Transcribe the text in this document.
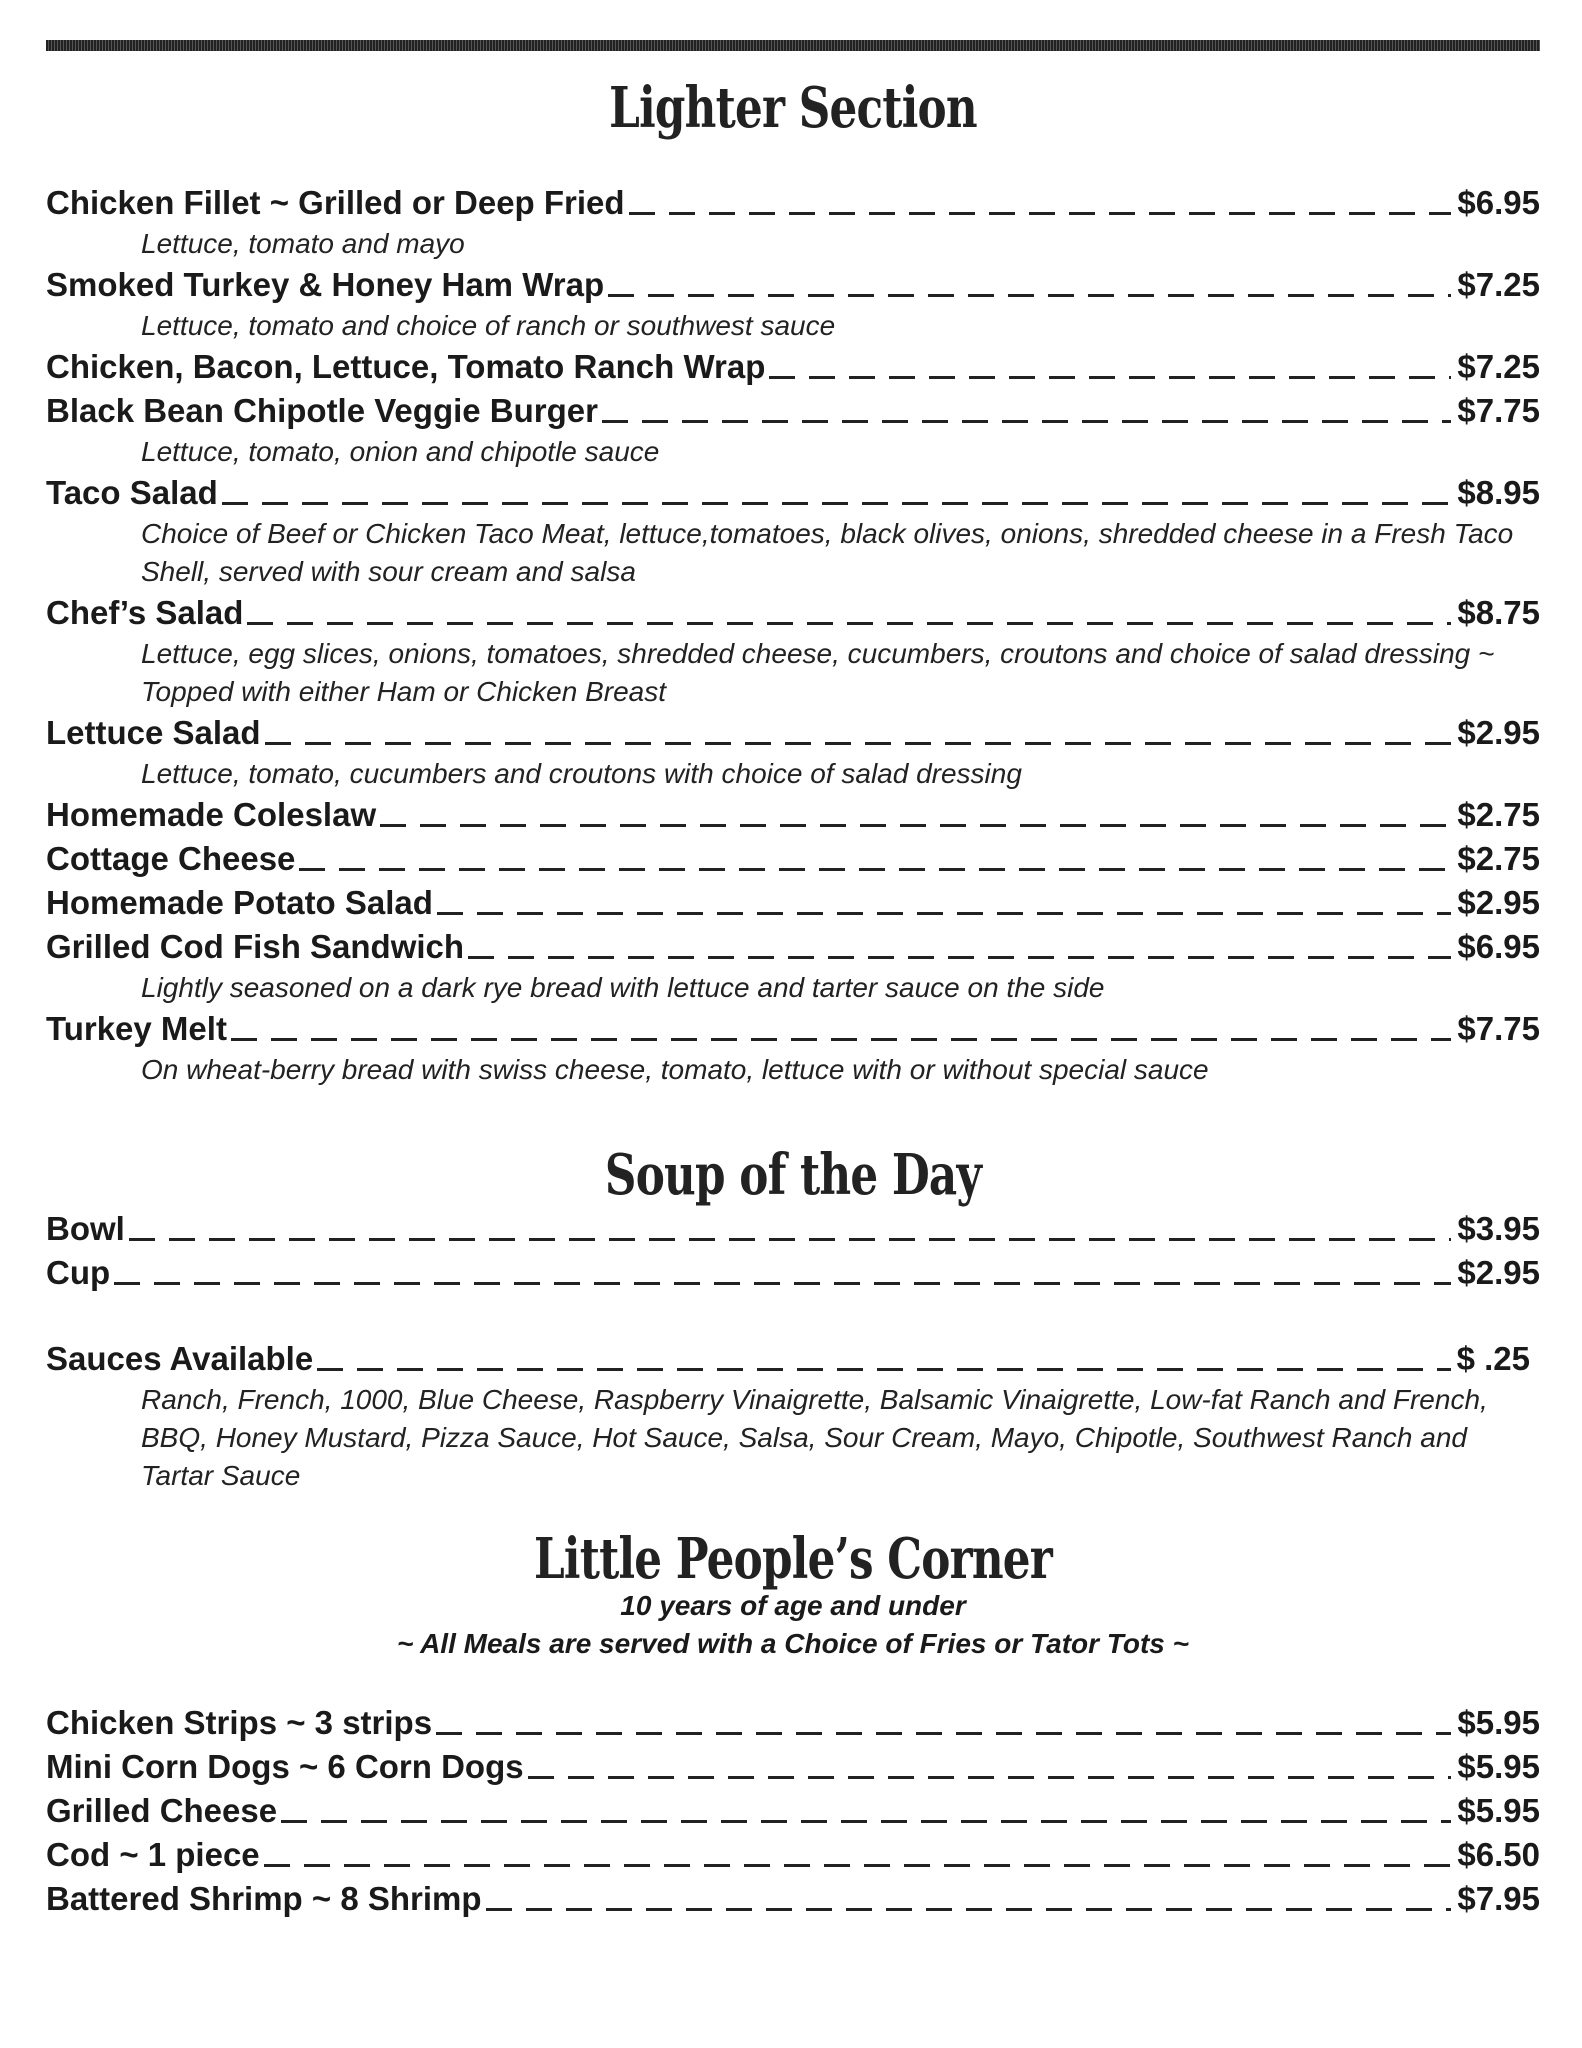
Lighter Section
Chicken Fillet ~ Grilled or Deep Fried	$6.95
Lettuce, tomato and mayo
Smoked Turkey & Honey Ham Wrap	$7.25
Lettuce, tomato and choice of ranch or southwest sauce
Chicken, Bacon, Lettuce, Tomato Ranch Wrap	$7.25
Black Bean Chipotle Veggie Burger	$7.75
Lettuce, tomato, onion and chipotle sauce
Taco Salad	$8.95
Choice of Beef or Chicken Taco Meat, lettuce,tomatoes, black olives, onions, shredded cheese in a Fresh Taco Shell, served with sour cream and salsa
Chef’s Salad	$8.75
Lettuce, egg slices, onions, tomatoes, shredded cheese, cucumbers, croutons and choice of salad dressing ~ Topped with either Ham or Chicken Breast
Lettuce Salad	$2.95
Lettuce, tomato, cucumbers and croutons with choice of salad dressing
Homemade Coleslaw	$2.75
Cottage Cheese	$2.75
Homemade Potato Salad	$2.95
Grilled Cod Fish Sandwich	$6.95
Lightly seasoned on a dark rye bread with lettuce and tarter sauce on the side
Turkey Melt	$7.75
On wheat-berry bread with swiss cheese, tomato, lettuce with or without special sauce
Soup of the Day
Bowl	$3.95
Cup	$2.95
Sauces Available	$ .25
Ranch, French, 1000, Blue Cheese, Raspberry Vinaigrette, Balsamic Vinaigrette, Low-fat Ranch and French, BBQ, Honey Mustard, Pizza Sauce, Hot Sauce, Salsa, Sour Cream, Mayo, Chipotle, Southwest Ranch and Tartar Sauce
Little People’s Corner
10 years of age and under
~ All Meals are served with a Choice of Fries or Tator Tots ~
Chicken Strips ~ 3 strips	$5.95
Mini Corn Dogs ~ 6 Corn Dogs	$5.95
Grilled Cheese	$5.95
Cod ~ 1 piece	$6.50
Battered Shrimp ~ 8 Shrimp	$7.95
